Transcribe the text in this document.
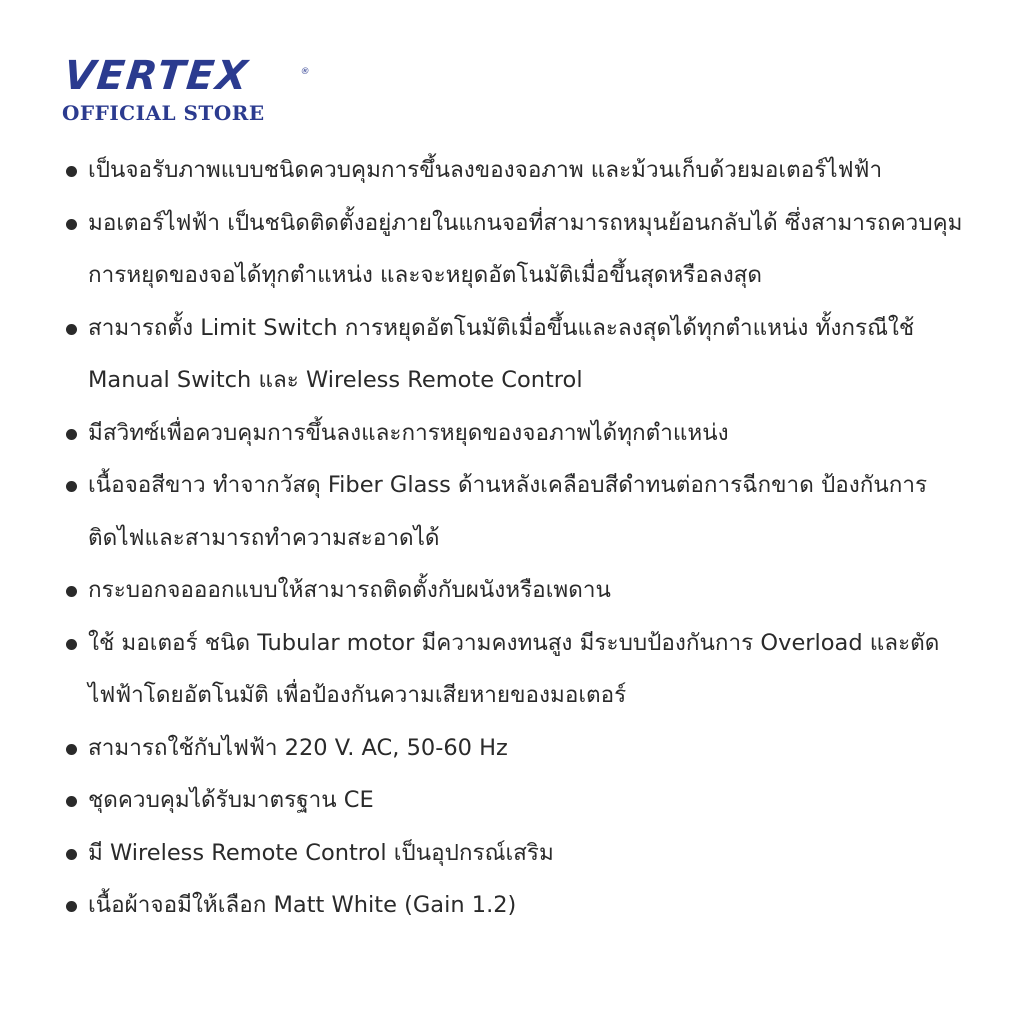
VERTEX	®
OFFICIAL STORE
เป็นจอรับภาพแบบชนิดควบคุมการขึ้นลงของจอภาพ และม้วนเก็บด้วยมอเตอร์ไฟฟ้า
มอเตอร์ไฟฟ้า เป็นชนิดติดตั้งอยู่ภายในแกนจอที่สามารถหมุนย้อนกลับได้ ซึ่งสามารถควบคุมการหยุดของจอได้ทุกตำแหน่ง และจะหยุดอัตโนมัติเมื่อขึ้นสุดหรือลงสุด
สามารถตั้ง Limit Switch การหยุดอัตโนมัติเมื่อขึ้นและลงสุดได้ทุกตำแหน่ง ทั้งกรณีใช้ Manual Switch และ Wireless Remote Control
มีสวิทซ์เพื่อควบคุมการขึ้นลงและการหยุดของจอภาพได้ทุกตำแหน่ง
เนื้อจอสีขาว ทำจากวัสดุ Fiber Glass ด้านหลังเคลือบสีดำทนต่อการฉีกขาด ป้องกันการติดไฟและสามารถทำความสะอาดได้
กระบอกจอออกแบบให้สามารถติดตั้งกับผนังหรือเพดาน
ใช้ มอเตอร์ ชนิด Tubular motor มีความคงทนสูง มีระบบป้องกันการ Overload และตัดไฟฟ้าโดยอัตโนมัติ เพื่อป้องกันความเสียหายของมอเตอร์
สามารถใช้กับไฟฟ้า 220 V. AC, 50-60 Hz
ชุดควบคุมได้รับมาตรฐาน CE
มี Wireless Remote Control เป็นอุปกรณ์เสริม
เนื้อผ้าจอมีให้เลือก Matt White (Gain 1.2)
